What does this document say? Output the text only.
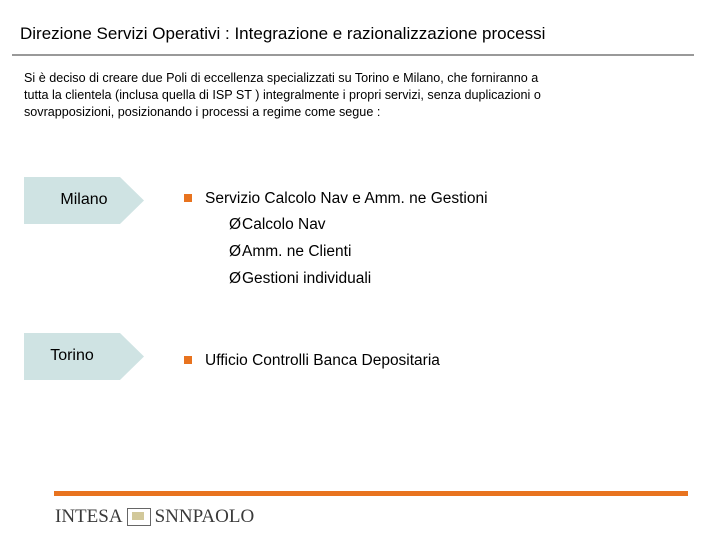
Direzione Servizi Operativi : Integrazione e razionalizzazione processi
Si è deciso di creare due Poli di eccellenza specializzati su Torino e Milano, che forniranno a
tutta la clientela (inclusa quella di ISP ST ) integralmente i propri servizi, senza duplicazioni o
sovrapposizioni, posizionando i processi a regime come segue :
Milano	Servizio Calcolo Nav e Amm. ne Gestioni
ØCalcolo Nav
ØAmm. ne Clienti
ØGestioni individuali
Torino	Ufficio Controlli Banca Depositaria
INTESA SNNPAOLO
